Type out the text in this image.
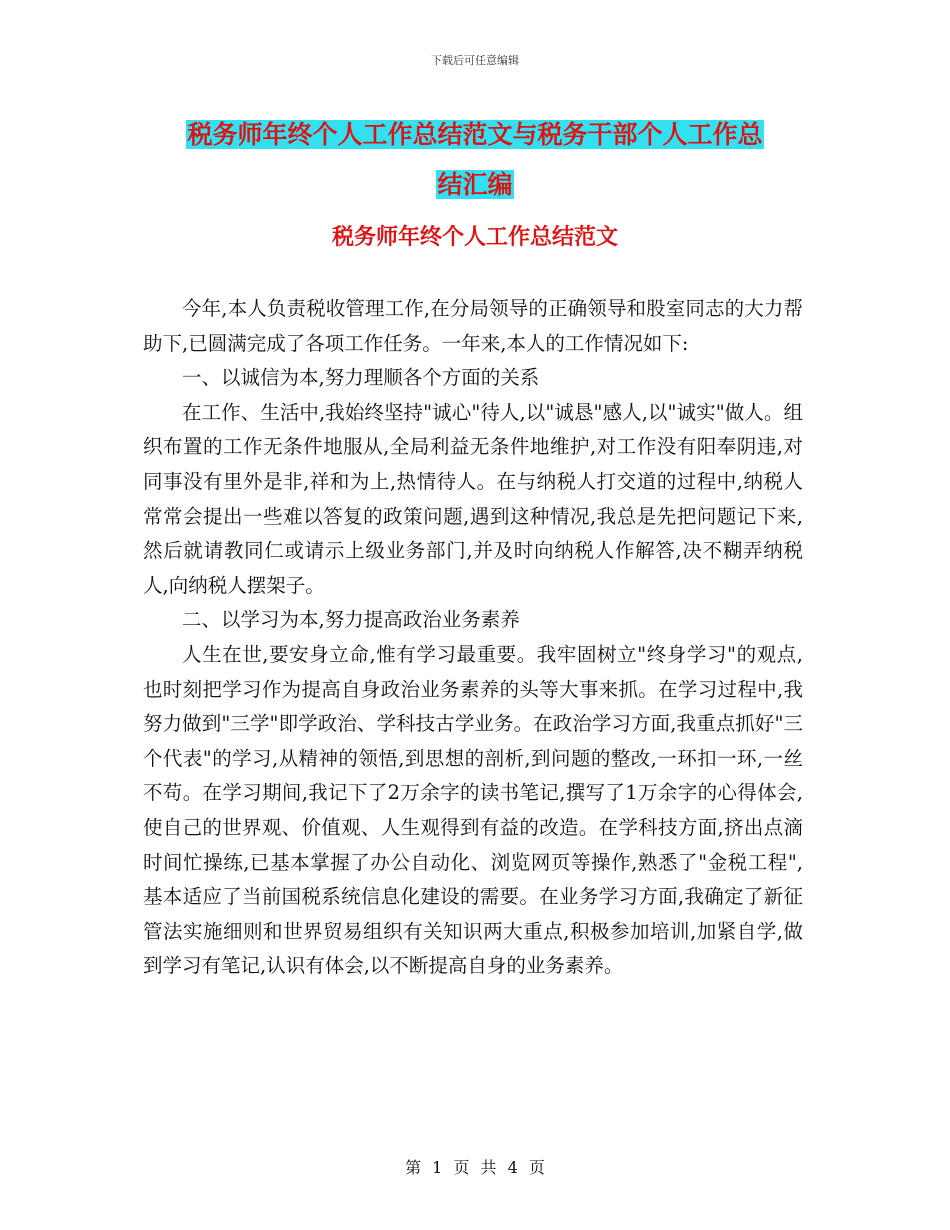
下载后可任意编辑
税务师年终个人工作总结范文与税务干部个人工作总
结汇编
税务师年终个人工作总结范文

今年,本人负责税收管理工作,在分局领导的正确领导和股室同志的大力帮助下,已圆满完成了各项工作任务。一年来,本人的工作情况如下:

一、以诚信为本,努力理顺各个方面的关系

在工作、生活中,我始终坚持"诚心"待人,以"诚恳"感人,以"诚实"做人。组织布置的工作无条件地服从,全局利益无条件地维护,对工作没有阳奉阴违,对同事没有里外是非,祥和为上,热情待人。在与纳税人打交道的过程中,纳税人常常会提出一些难以答复的政策问题,遇到这种情况,我总是先把问题记下来,然后就请教同仁或请示上级业务部门,并及时向纳税人作解答,决不糊弄纳税人,向纳税人摆架子。

二、以学习为本,努力提高政治业务素养

人生在世,要安身立命,惟有学习最重要。我牢固树立"终身学习"的观点,也时刻把学习作为提高自身政治业务素养的头等大事来抓。在学习过程中,我努力做到"三学"即学政治、学科技古学业务。在政治学习方面,我重点抓好"三个代表"的学习,从精神的领悟,到思想的剖析,到问题的整改,一环扣一环,一丝不苟。在学习期间,我记下了2万余字的读书笔记,撰写了1万余字的心得体会,使自己的世界观、价值观、人生观得到有益的改造。在学科技方面,挤出点滴时间忙操练,已基本掌握了办公自动化、浏览网页等操作,熟悉了"金税工程",基本适应了当前国税系统信息化建设的需要。在业务学习方面,我确定了新征管法实施细则和世界贸易组织有关知识两大重点,积极参加培训,加紧自学,做到学习有笔记,认识有体会,以不断提高自身的业务素养。

第 1 页 共 4 页
